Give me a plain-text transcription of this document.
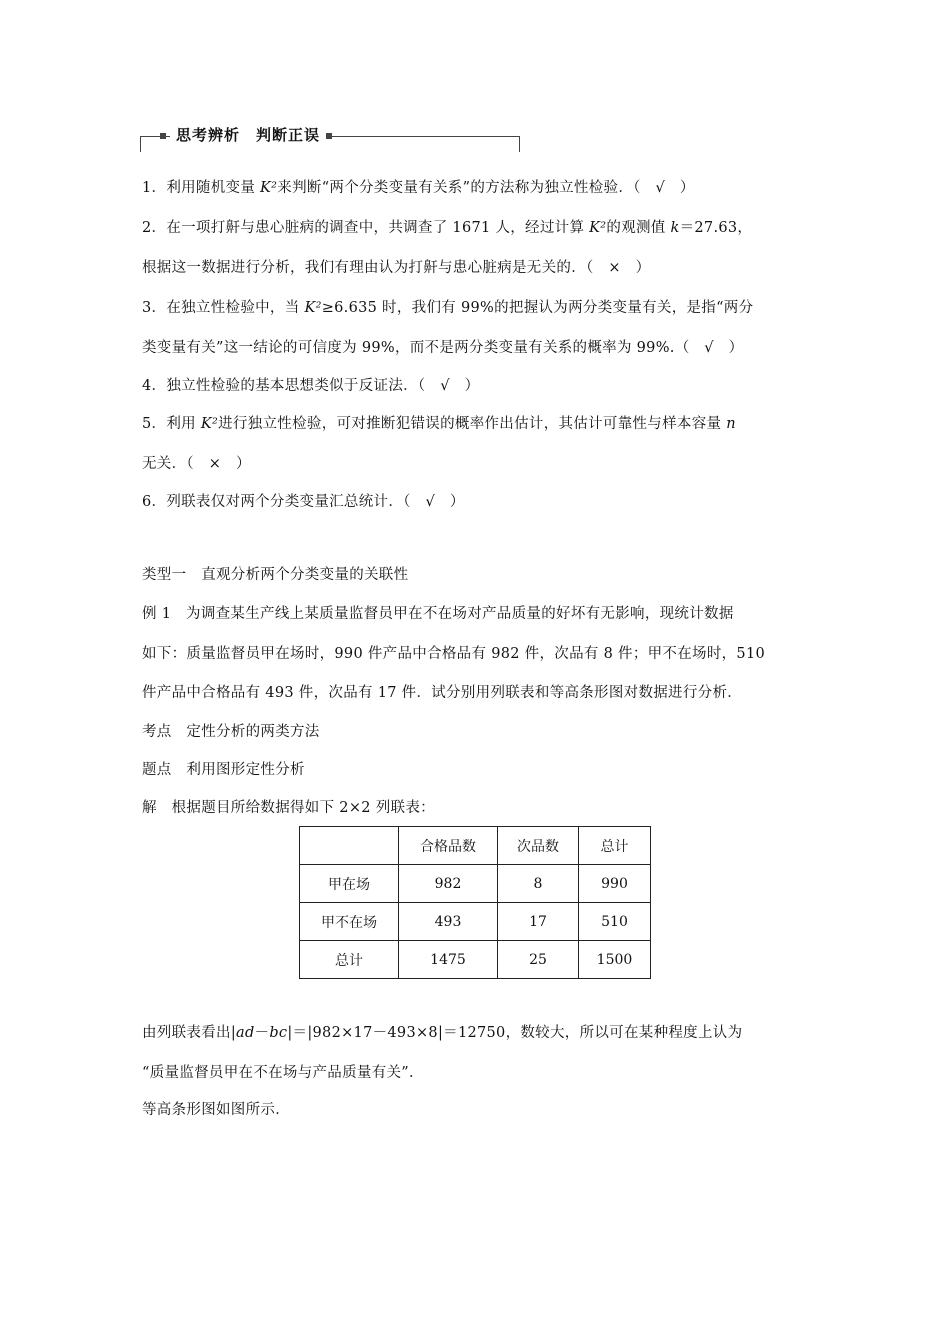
思考辨析　判断正误
1．利用随机变量 K²来判断“两个分类变量有关系”的方法称为独立性检验．（　√　）
2．在一项打鼾与患心脏病的调查中，共调查了 1671 人，经过计算 K²的观测值 k＝27.63，
根据这一数据进行分析，我们有理由认为打鼾与患心脏病是无关的．（　×　）
3．在独立性检验中，当 K²≥6.635 时，我们有 99%的把握认为两分类变量有关，是指“两分
类变量有关”这一结论的可信度为 99%，而不是两分类变量有关系的概率为 99%.（　√　）
4．独立性检验的基本思想类似于反证法．（　√　）
5．利用 K²进行独立性检验，可对推断犯错误的概率作出估计，其估计可靠性与样本容量 n
无关．（　×　）
6．列联表仅对两个分类变量汇总统计．（　√　）
类型一　直观分析两个分类变量的关联性
例 1　为调查某生产线上某质量监督员甲在不在场对产品质量的好坏有无影响，现统计数据
如下：质量监督员甲在场时，990 件产品中合格品有 982 件，次品有 8 件；甲不在场时，510
件产品中合格品有 493 件，次品有 17 件．试分别用列联表和等高条形图对数据进行分析．
考点　定性分析的两类方法
题点　利用图形定性分析
解　根据题目所给数据得如下 2×2 列联表：
	合格品数	次品数	总计
甲在场	982	8	990
甲不在场	493	17	510
总计	1475	25	1500
由列联表看出|ad－bc|＝|982×17－493×8|＝12750，数较大，所以可在某种程度上认为
“质量监督员甲在不在场与产品质量有关”．
等高条形图如图所示．
